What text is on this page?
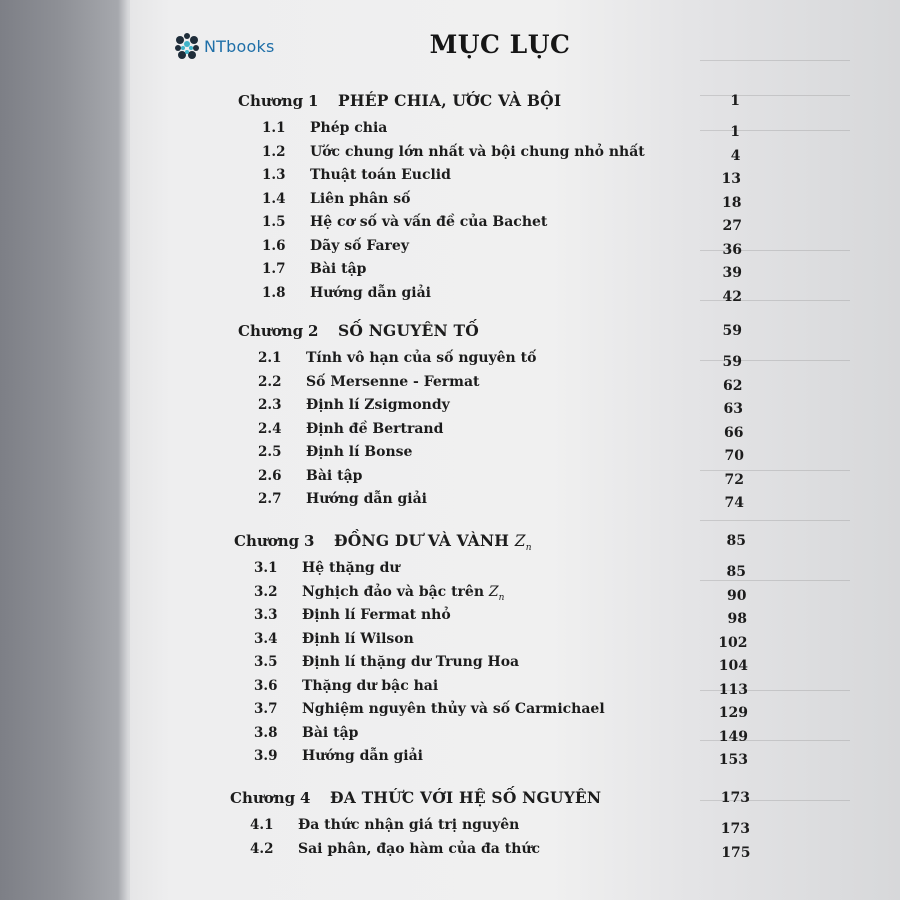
NTbooks	MỤC LỤC
Chương 1 PHÉP CHIA, ƯỚC VÀ BỘI	1
1.1 Phép chia	1
1.2 Ước chung lớn nhất và bội chung nhỏ nhất	4
1.3 Thuật toán Euclid	13
1.4 Liên phân số	18
1.5 Hệ cơ số và vấn đề của Bachet	27
1.6 Dãy số Farey	36
1.7 Bài tập	39
1.8 Hướng dẫn giải	42
Chương 2 SỐ NGUYÊN TỐ	59
2.1 Tính vô hạn của số nguyên tố	59
2.2 Số Mersenne - Fermat	62
2.3 Định lí Zsigmondy	63
2.4 Định đề Bertrand	66
2.5 Định lí Bonse	70
2.6 Bài tập	72
2.7 Hướng dẫn giải	74
Chương 3 ĐỒNG DƯ VÀ VÀNH $Z_n$	85
3.1 Hệ thặng dư	85
3.2 Nghịch đảo và bậc trên $Z_n$	90
3.3 Định lí Fermat nhỏ	98
3.4 Định lí Wilson	102
3.5 Định lí thặng dư Trung Hoa	104
3.6 Thặng dư bậc hai	113
3.7 Nghiệm nguyên thủy và số Carmichael	129
3.8 Bài tập	149
3.9 Hướng dẫn giải	153
Chương 4 ĐA THỨC VỚI HỆ SỐ NGUYÊN	173
4.1 Đa thức nhận giá trị nguyên	173
4.2 Sai phân, đạo hàm của đa thức	175
